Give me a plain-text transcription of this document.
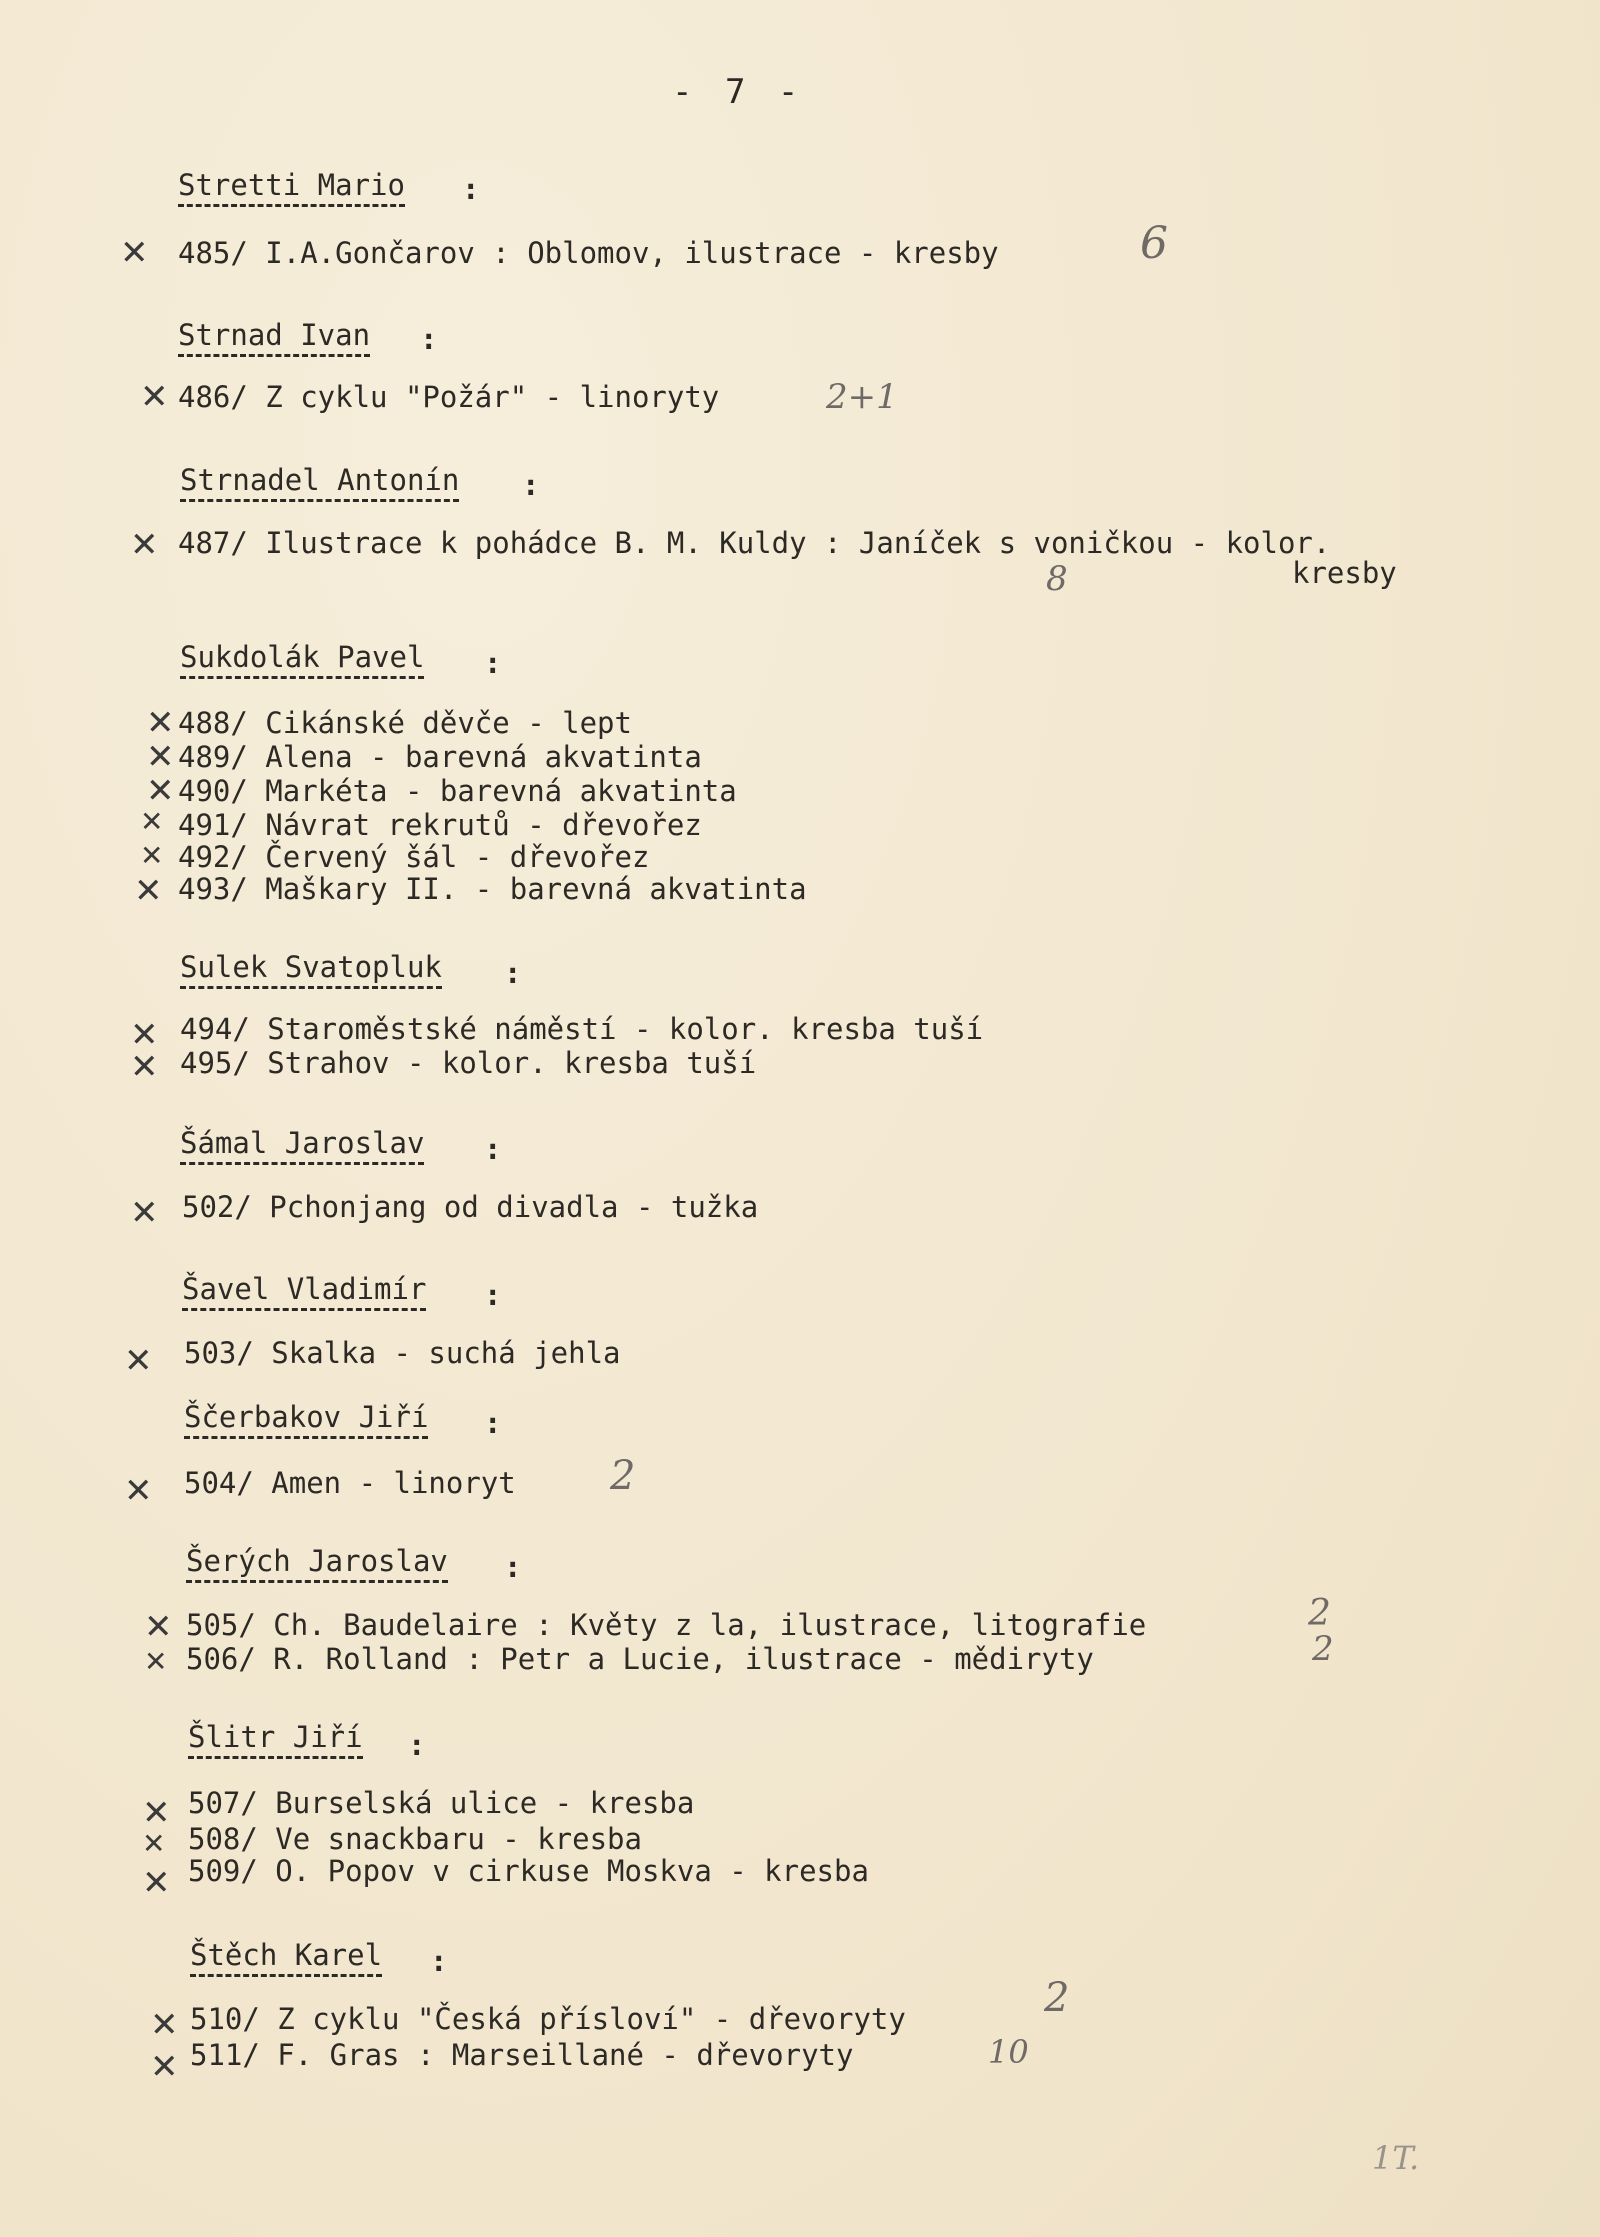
- 7 -
Stretti Mario :
✕ 485/ I.A.Gončarov : Oblomov, ilustrace - kresby	6
Strnad Ivan :
✕ 486/ Z cyklu "Požár" - linoryty	2+1
Strnadel Antonín :
✕ 487/ Ilustrace k pohádce B. M. Kuldy : Janíček s voničkou - kolor.
kresby
8
Sukdolák Pavel :
✕ 488/ Cikánské děvče - lept
✕ 489/ Alena - barevná akvatinta
✕ 490/ Markéta - barevná akvatinta
✕ 491/ Návrat rekrutů - dřevořez
✕ 492/ Červený šál - dřevořez
✕ 493/ Maškary II. - barevná akvatinta
Sulek Svatopluk :
✕ 494/ Staroměstské náměstí - kolor. kresba tuší
✕ 495/ Strahov - kolor. kresba tuší
Šámal Jaroslav :
✕ 502/ Pchonjang od divadla - tužka
Šavel Vladimír :
✕ 503/ Skalka - suchá jehla
Ščerbakov Jiří :
✕ 504/ Amen - linoryt 2
Šerých Jaroslav :
✕ 505/ Ch. Baudelaire : Květy z la, ilustrace, litografie	2
✕ 506/ R. Rolland : Petr a Lucie, ilustrace - mědiryty	2
Šlitr Jiří :
✕ 507/ Burselská ulice - kresba
✕ 508/ Ve snackbaru - kresba
✕ 509/ O. Popov v cirkuse Moskva - kresba
Štěch Karel :
✕ 510/ Z cyklu "Česká přísloví" - dřevoryty	2
✕ 511/ F. Gras : Marseillané - dřevoryty	10
1T.
